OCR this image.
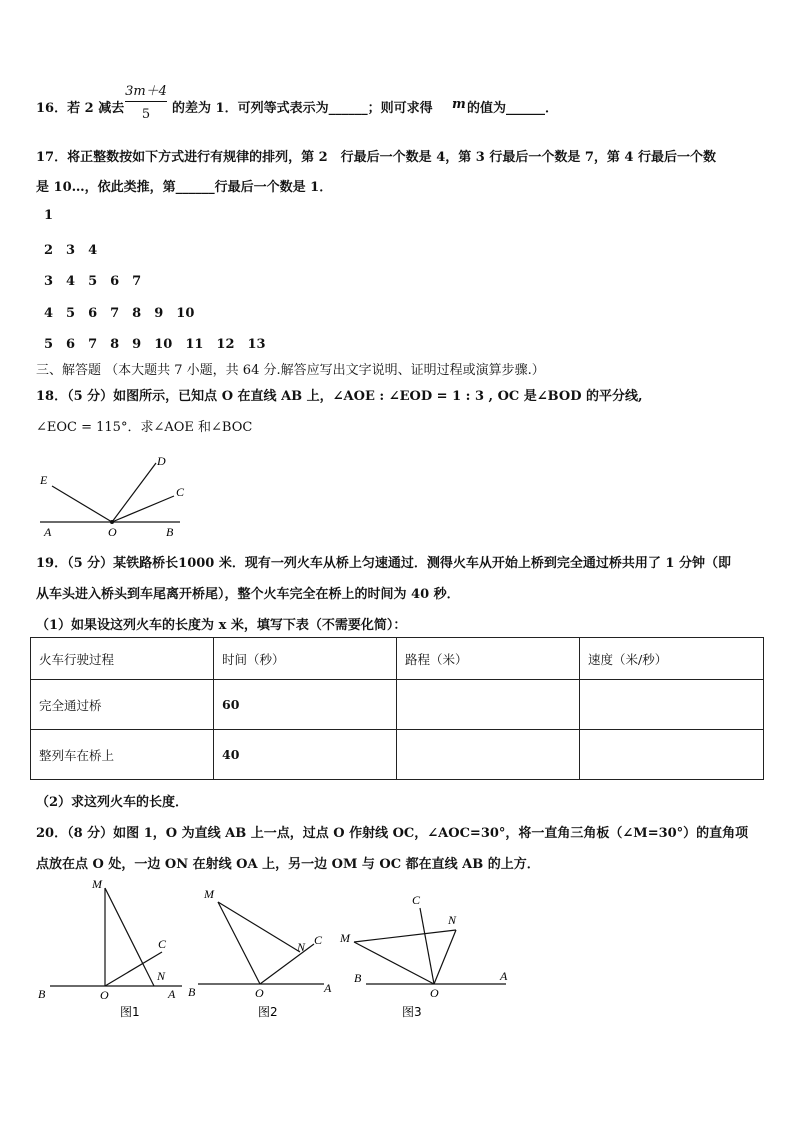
16．若 2 减去
3m＋4
5	的差为 1．可列等式表示为______；则可求得 m 的值为______．
17．将正整数按如下方式进行有规律的排列，第 2　行最后一个数是 4，第 3 行最后一个数是 7，第 4 行最后一个数
是 10…，依此类推，第______行最后一个数是 1．
1
2　3　4
3　4　5　6　7
4　5　6　7　8　9　10
5　6　7　8　9　10　11　12　13
三、解答题 （本大题共 7 小题，共 64 分.解答应写出文字说明、证明过程或演算步骤.）
18．（5 分）如图所示，已知点 O 在直线 AB 上，∠AOE : ∠EOD = 1 : 3 , OC 是∠BOD 的平分线,
∠EOC = 115°．求∠AOE 和∠BOC
E
D
C
A	O	B
19．（5 分）某铁路桥长1000 米．现有一列火车从桥上匀速通过．测得火车从开始上桥到完全通过桥共用了 1 分钟（即
从车头进入桥头到车尾离开桥尾），整个火车完全在桥上的时间为 40 秒．
（1）如果设这列火车的长度为 x 米，填写下表（不需要化简）：
火车行驶过程	时间（秒）	路程（米）	速度（米/秒）
完全通过桥	60		
整列车在桥上	40		
（2）求这列火车的长度．
20．（8 分）如图 1，O 为直线 AB 上一点，过点 O 作射线 OC，∠AOC=30°，将一直角三角板（∠M=30°）的直角项
点放在点 O 处，一边 ON 在射线 OA 上，另一边 OM 与 OC 都在直线 AB 的上方．
M
C
N
B	O	A
图1
M
N C
B	O	A
图2
C
N
M
B
O
A
图3
